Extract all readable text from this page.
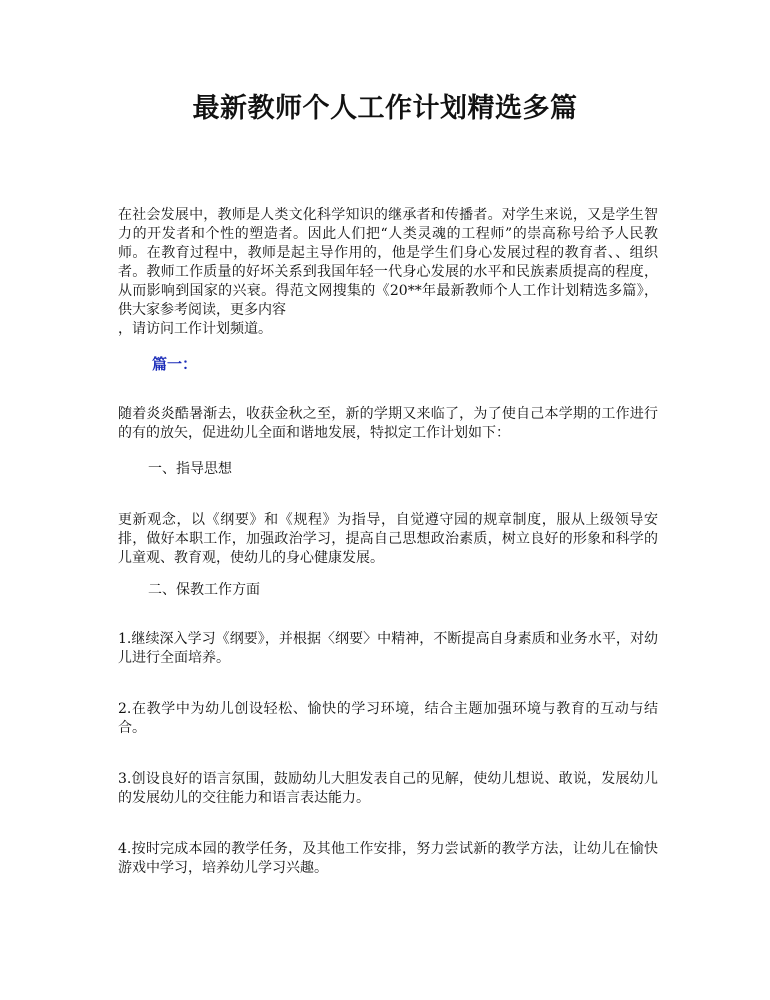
最新教师个人工作计划精选多篇

在社会发展中，教师是人类文化科学知识的继承者和传播者。对学生来说，又是学生智力的开发者和个性的塑造者。因此人们把“人类灵魂的工程师”的崇高称号给予人民教师。在教育过程中，教师是起主导作用的，他是学生们身心发展过程的教育者、、组织者。教师工作质量的好坏关系到我国年轻一代身心发展的水平和民族素质提高的程度，从而影响到国家的兴衰。得范文网搜集的《20**年最新教师个人工作计划精选多篇》，供大家参考阅读，更多内容

，请访问工作计划频道。

篇一：

随着炎炎酷暑渐去，收获金秋之至，新的学期又来临了，为了使自己本学期的工作进行的有的放矢，促进幼儿全面和谐地发展，特拟定工作计划如下：

一、指导思想

更新观念，以《纲要》和《规程》为指导，自觉遵守园的规章制度，服从上级领导安排，做好本职工作，加强政治学习，提高自己思想政治素质，树立良好的形象和科学的儿童观、教育观，使幼儿的身心健康发展。

二、保教工作方面

1.继续深入学习《纲要》，并根据〈纲要〉中精神，不断提高自身素质和业务水平，对幼儿进行全面培养。

2.在教学中为幼儿创设轻松、愉快的学习环境，结合主题加强环境与教育的互动与结合。

3.创设良好的语言氛围，鼓励幼儿大胆发表自己的见解，使幼儿想说、敢说，发展幼儿的发展幼儿的交往能力和语言表达能力。

4.按时完成本园的教学任务，及其他工作安排，努力尝试新的教学方法，让幼儿在愉快游戏中学习，培养幼儿学习兴趣。
